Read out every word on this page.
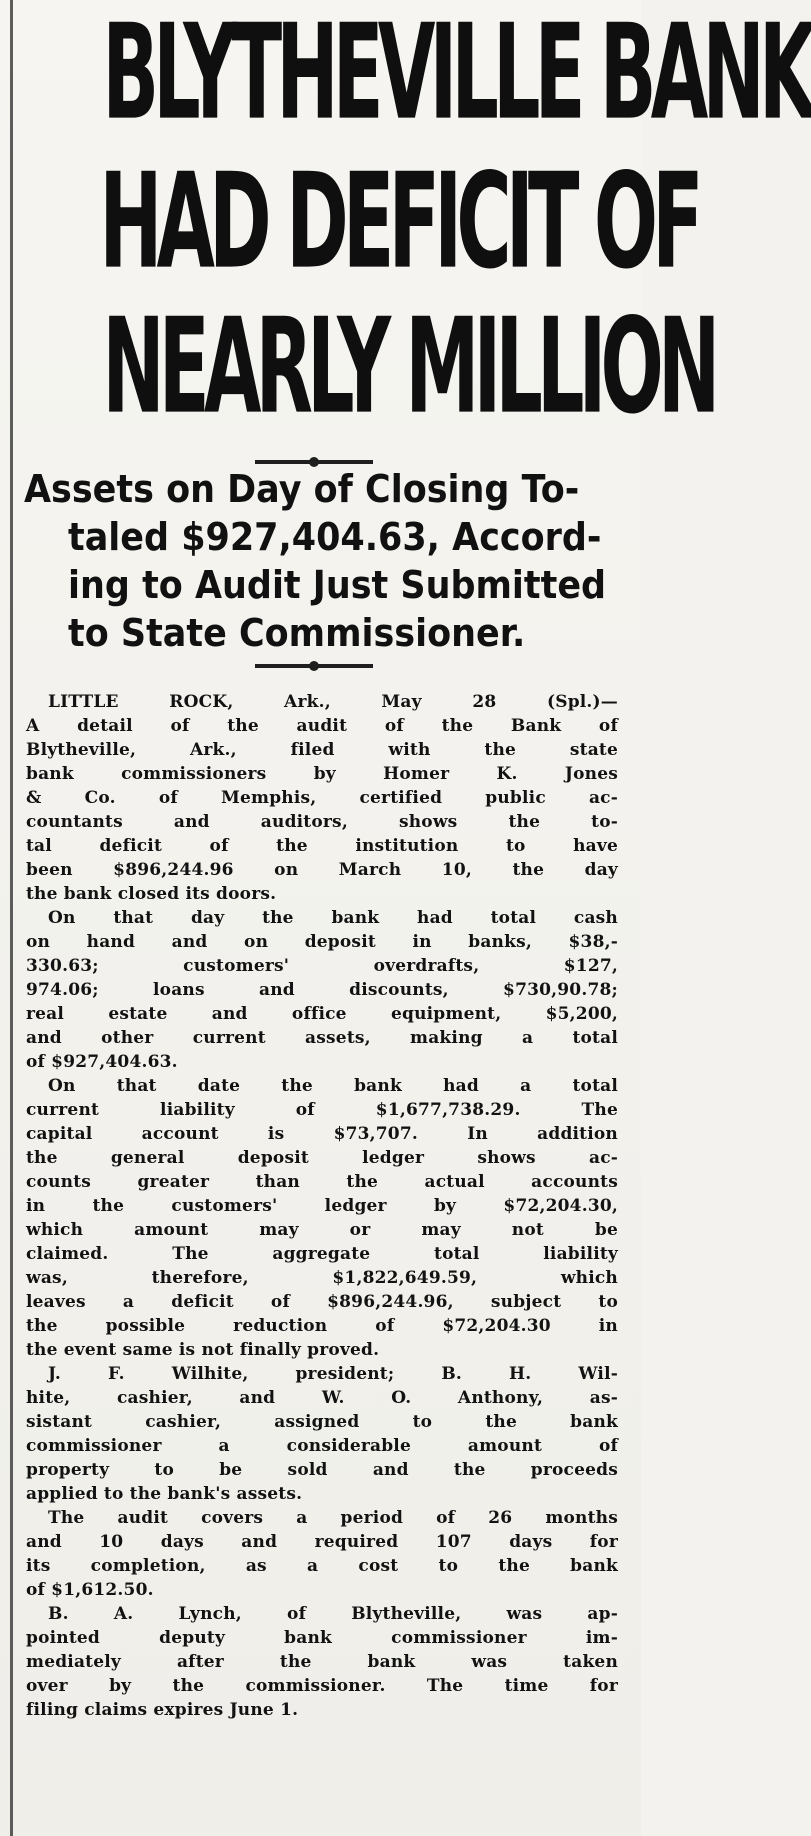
BLYTHEVILLE BANK
HAD DEFICIT OF
NEARLY MILLION
Assets on Day of Closing To-
taled $927,404.63, Accord-
ing to Audit Just Submitted
to State Commissioner.
LITTLE ROCK, Ark., May 28 (Spl.)—
A detail of the audit of the Bank of
Blytheville, Ark., filed with the state
bank commissioners by Homer K. Jones
& Co. of Memphis, certified public ac-
countants and auditors, shows the to-
tal deficit of the institution to have
been $896,244.96 on March 10, the day
the bank closed its doors.
On that day the bank had total cash
on hand and on deposit in banks, $38,-
330.63; customers' overdrafts, $127,
974.06; loans and discounts, $730,90.78;
real estate and office equipment, $5,200,
and other current assets, making a total
of $927,404.63.
On that date the bank had a total
current liability of $1,677,738.29. The
capital account is $73,707. In addition
the general deposit ledger shows ac-
counts greater than the actual accounts
in the customers' ledger by $72,204.30,
which amount may or may not be
claimed. The aggregate total liability
was, therefore, $1,822,649.59, which
leaves a deficit of $896,244.96, subject to
the possible reduction of $72,204.30 in
the event same is not finally proved.
J. F. Wilhite, president; B. H. Wil-
hite, cashier, and W. O. Anthony, as-
sistant cashier, assigned to the bank
commissioner a considerable amount of
property to be sold and the proceeds
applied to the bank's assets.
The audit covers a period of 26 months
and 10 days and required 107 days for
its completion, as a cost to the bank
of $1,612.50.
B. A. Lynch, of Blytheville, was ap-
pointed deputy bank commissioner im-
mediately after the bank was taken
over by the commissioner. The time for
filing claims expires June 1.
